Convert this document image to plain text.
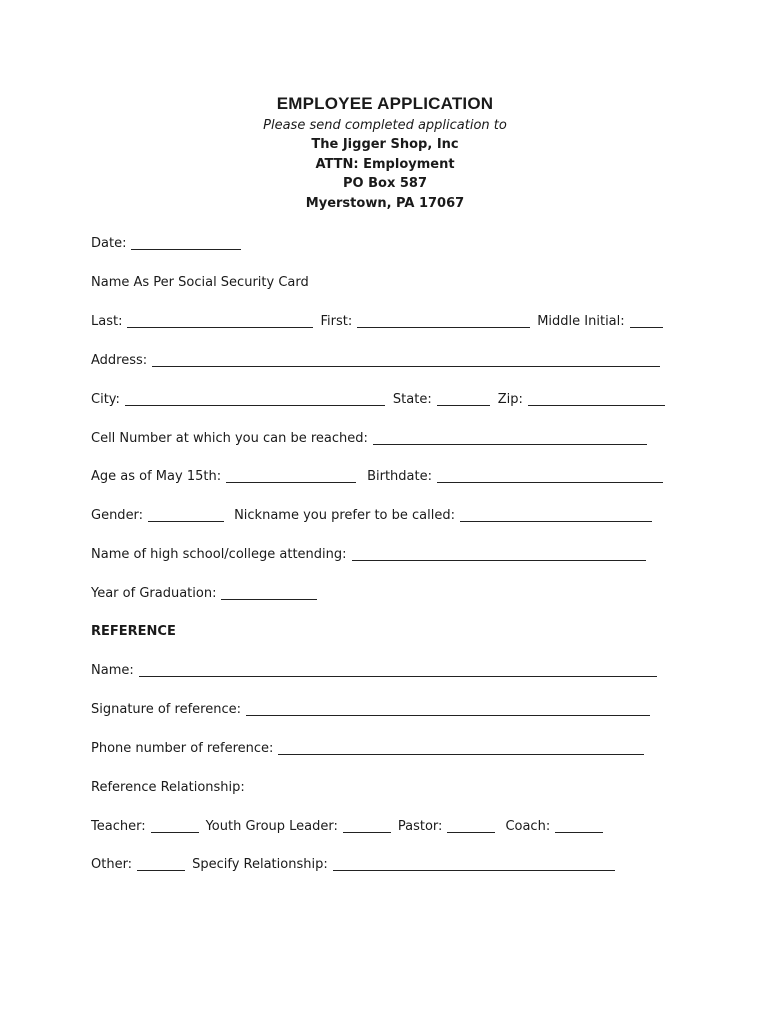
EMPLOYEE APPLICATION
Please send completed application to
The Jigger Shop, Inc
ATTN: Employment
PO Box 587
Myerstown, PA 17067
Date:
Name As Per Social Security Card
Last:	First:	Middle Initial:
Address:
City:	State:	Zip:
Cell Number at which you can be reached:
Age as of May 15th:	Birthdate:
Gender:	Nickname you prefer to be called:
Name of high school/college attending:
Year of Graduation:
REFERENCE
Name:
Signature of reference:
Phone number of reference:
Reference Relationship:
Teacher:	Youth Group Leader:	Pastor:	Coach:
Other:	Specify Relationship:
